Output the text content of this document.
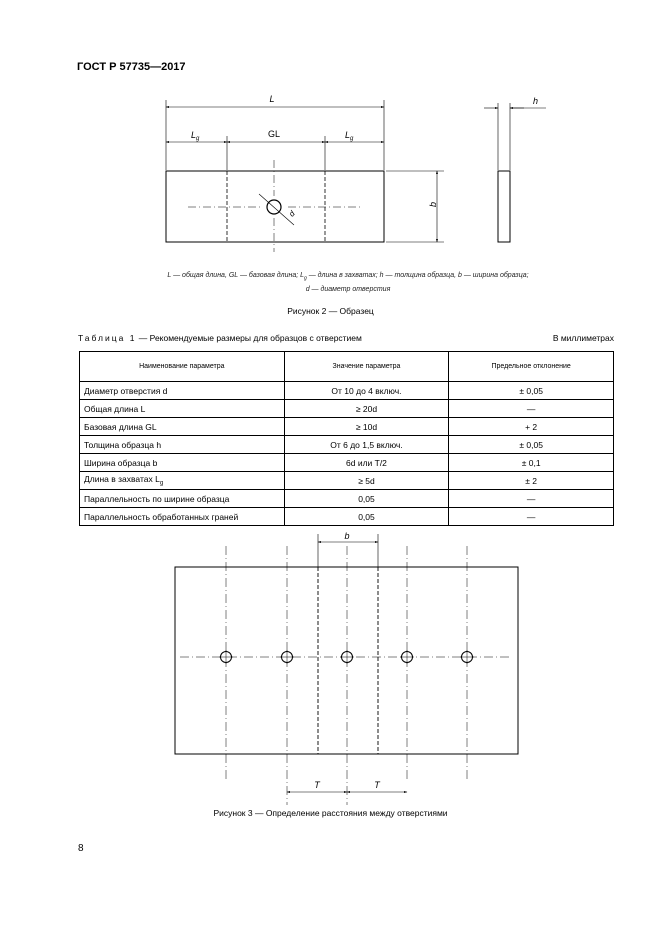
ГОСТ Р 57735—2017
L
$L_g$	GL	$L_g$
h
b
d
L — общая длина, GL — базовая длина; $L_g$ — длина в захватах; h — толщина образца, b — ширина образца;
d — диаметр отверстия
Рисунок 2 — Образец
Таблица 1 — Рекомендуемые размеры для образцов с отверстием	В миллиметрах
Наименование параметра	Значение параметра	Предельное отклонение
Диаметр отверстия d	От 10 до 4 включ.	± 0,05
Общая длина L	≥ 20d	—
Базовая длина GL	≥ 10d	+ 2
Толщина образца h	От 6 до 1,5 включ.	± 0,05
Ширина образца b	6d или T/2	± 0,1
Длина в захватах $L_g$	≥ 5d	± 2
Параллельность по ширине образца	0,05	—
Параллельность обработанных граней	0,05	—
b
T	T
Рисунок 3 — Определение расстояния между отверстиями
8
